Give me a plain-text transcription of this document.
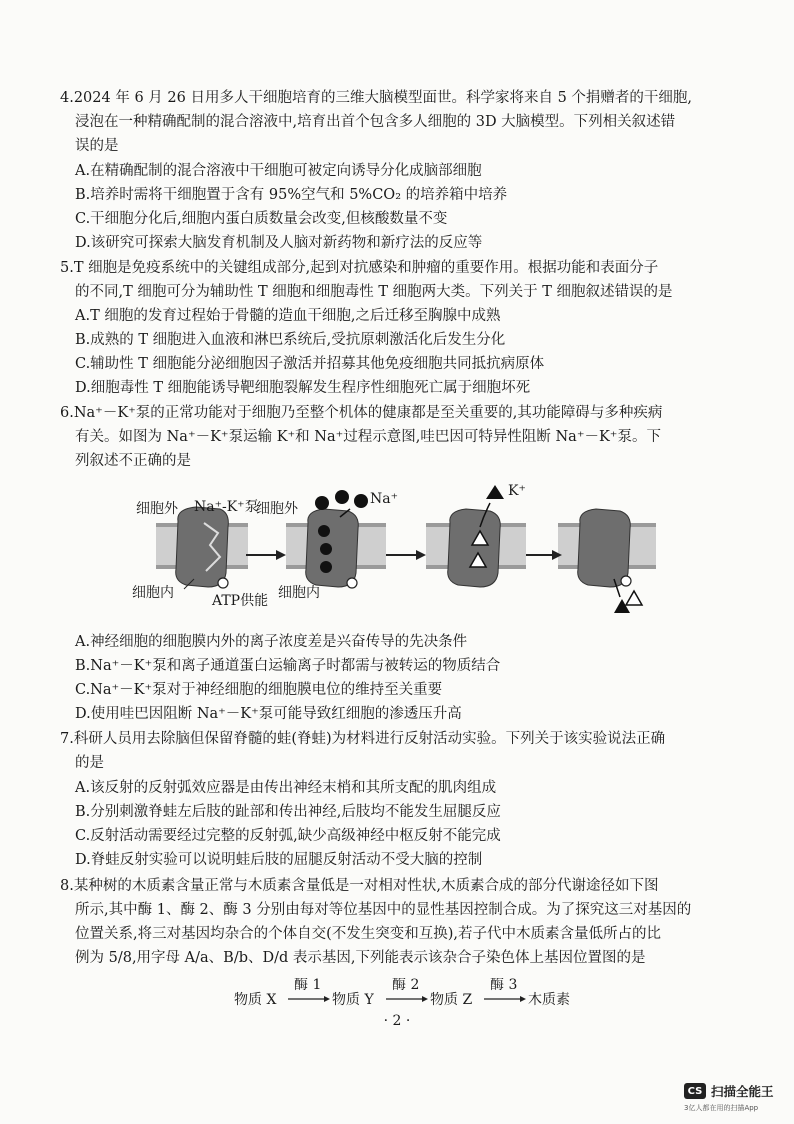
4.2024 年 6 月 26 日用多人干细胞培育的三维大脑模型面世。科学家将来自 5 个捐赠者的干细胞,
浸泡在一种精确配制的混合溶液中,培育出首个包含多人细胞的 3D 大脑模型。下列相关叙述错
误的是
A.在精确配制的混合溶液中干细胞可被定向诱导分化成脑部细胞
B.培养时需将干细胞置于含有 95%空气和 5%CO₂ 的培养箱中培养
C.干细胞分化后,细胞内蛋白质数量会改变,但核酸数量不变
D.该研究可探索大脑发育机制及人脑对新药物和新疗法的反应等
5.T 细胞是免疫系统中的关键组成部分,起到对抗感染和肿瘤的重要作用。根据功能和表面分子
的不同,T 细胞可分为辅助性 T 细胞和细胞毒性 T 细胞两大类。下列关于 T 细胞叙述错误的是
A.T 细胞的发育过程始于骨髓的造血干细胞,之后迁移至胸腺中成熟
B.成熟的 T 细胞进入血液和淋巴系统后,受抗原刺激活化后发生分化
C.辅助性 T 细胞能分泌细胞因子激活并招募其他免疫细胞共同抵抗病原体
D.细胞毒性 T 细胞能诱导靶细胞裂解发生程序性细胞死亡属于细胞坏死
6.Na⁺－K⁺泵的正常功能对于细胞乃至整个机体的健康都是至关重要的,其功能障碍与多种疾病
有关。如图为 Na⁺－K⁺泵运输 K⁺和 Na⁺过程示意图,哇巴因可特异性阻断 Na⁺－K⁺泵。下
列叙述不正确的是
细胞外 Na⁺-K⁺泵
细胞外
Na⁺	K⁺
细胞内	ATP供能 细胞内
A.神经细胞的细胞膜内外的离子浓度差是兴奋传导的先决条件
B.Na⁺－K⁺泵和离子通道蛋白运输离子时都需与被转运的物质结合
C.Na⁺－K⁺泵对于神经细胞的细胞膜电位的维持至关重要
D.使用哇巴因阻断 Na⁺－K⁺泵可能导致红细胞的渗透压升高
7.科研人员用去除脑但保留脊髓的蛙(脊蛙)为材料进行反射活动实验。下列关于该实验说法正确
的是
A.该反射的反射弧效应器是由传出神经末梢和其所支配的肌肉组成
B.分别刺激脊蛙左后肢的趾部和传出神经,后肢均不能发生屈腿反应
C.反射活动需要经过完整的反射弧,缺少高级神经中枢反射不能完成
D.脊蛙反射实验可以说明蛙后肢的屈腿反射活动不受大脑的控制
8.某种树的木质素含量正常与木质素含量低是一对相对性状,木质素合成的部分代谢途径如下图
所示,其中酶 1、酶 2、酶 3 分别由每对等位基因中的显性基因控制合成。为了探究这三对基因的
位置关系,将三对基因均杂合的个体自交(不发生突变和互换),若子代中木质素含量低所占的比
例为 5/8,用字母 A/a、B/b、D/d 表示基因,下列能表示该杂合子染色体上基因位置图的是
物质 X
酶 1
物质 Y
酶 2
物质 Z
酶 3
木质素
· 2 ·
CS 扫描全能王
3亿人都在用的扫描App
